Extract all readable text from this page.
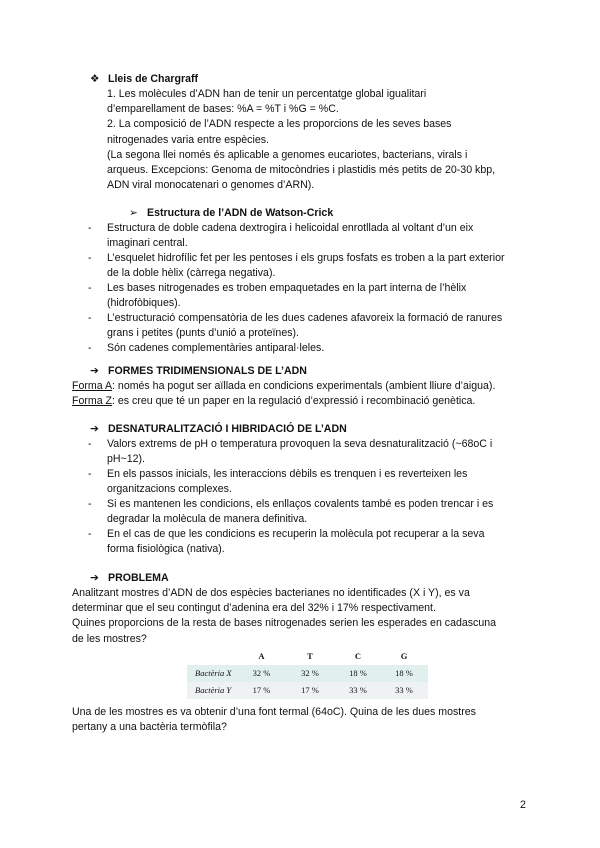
❖ Lleis de Chargraff
1. Les molècules d’ADN han de tenir un percentatge global igualitari
d’emparellament de bases: %A = %T i %G = %C.
2. La composició de l’ADN respecte a les proporcions de les seves bases
nitrogenades varia entre espècies.
(La segona llei només és aplicable a genomes eucariotes, bacterians, virals i
arqueus. Excepcions: Genoma de mitocòndries i plastidis més petits de 20-30 kbp,
ADN viral monocatenari o genomes d’ARN).
➢ Estructura de l’ADN de Watson-Crick
- Estructura de doble cadena dextrogira i helicoidal enrotllada al voltant d’un eix
imaginari central.
- L’esquelet hidrofílic fet per les pentoses i els grups fosfats es troben a la part exterior
de la doble hèlix (càrrega negativa).
- Les bases nitrogenades es troben empaquetades en la part interna de l’hèlix
(hidrofòbiques).
- L’estructuració compensatòria de les dues cadenes afavoreix la formació de ranures
grans i petites (punts d’unió a proteïnes).
- Són cadenes complementàries antiparal·leles.
➔ FORMES TRIDIMENSIONALS DE L’ADN
Forma A: només ha pogut ser aïllada en condicions experimentals (ambient lliure d’aigua).
Forma Z: es creu que té un paper en la regulació d’expressió i recombinació genètica.
➔ DESNATURALITZACIÓ I HIBRIDACIÓ DE L’ADN
- Valors extrems de pH o temperatura provoquen la seva desnaturalització (~68oC i
pH~12).
- En els passos inicials, les interaccions dèbils es trenquen i es reverteixen les
organitzacions complexes.
- Si es mantenen les condicions, els enllaços covalents també es poden trencar i es
degradar la molècula de manera definitiva.
- En el cas de que les condicions es recuperin la molècula pot recuperar a la seva
forma fisiològica (nativa).
➔ PROBLEMA
Analitzant mostres d’ADN de dos espècies bacterianes no identificades (X i Y), es va
determinar que el seu contingut d’adenina era del 32% i 17% respectivament.
Quines proporcions de la resta de bases nitrogenades serien les esperades en cadascuna
de les mostres?
	A	T	C	G
Bactèria X	32 %	32 %	18 %	18 %
Bactèria Y	17 %	17 %	33 %	33 %
Una de les mostres es va obtenir d’una font termal (64oC). Quina de les dues mostres
pertany a una bactèria termòfila?
2
